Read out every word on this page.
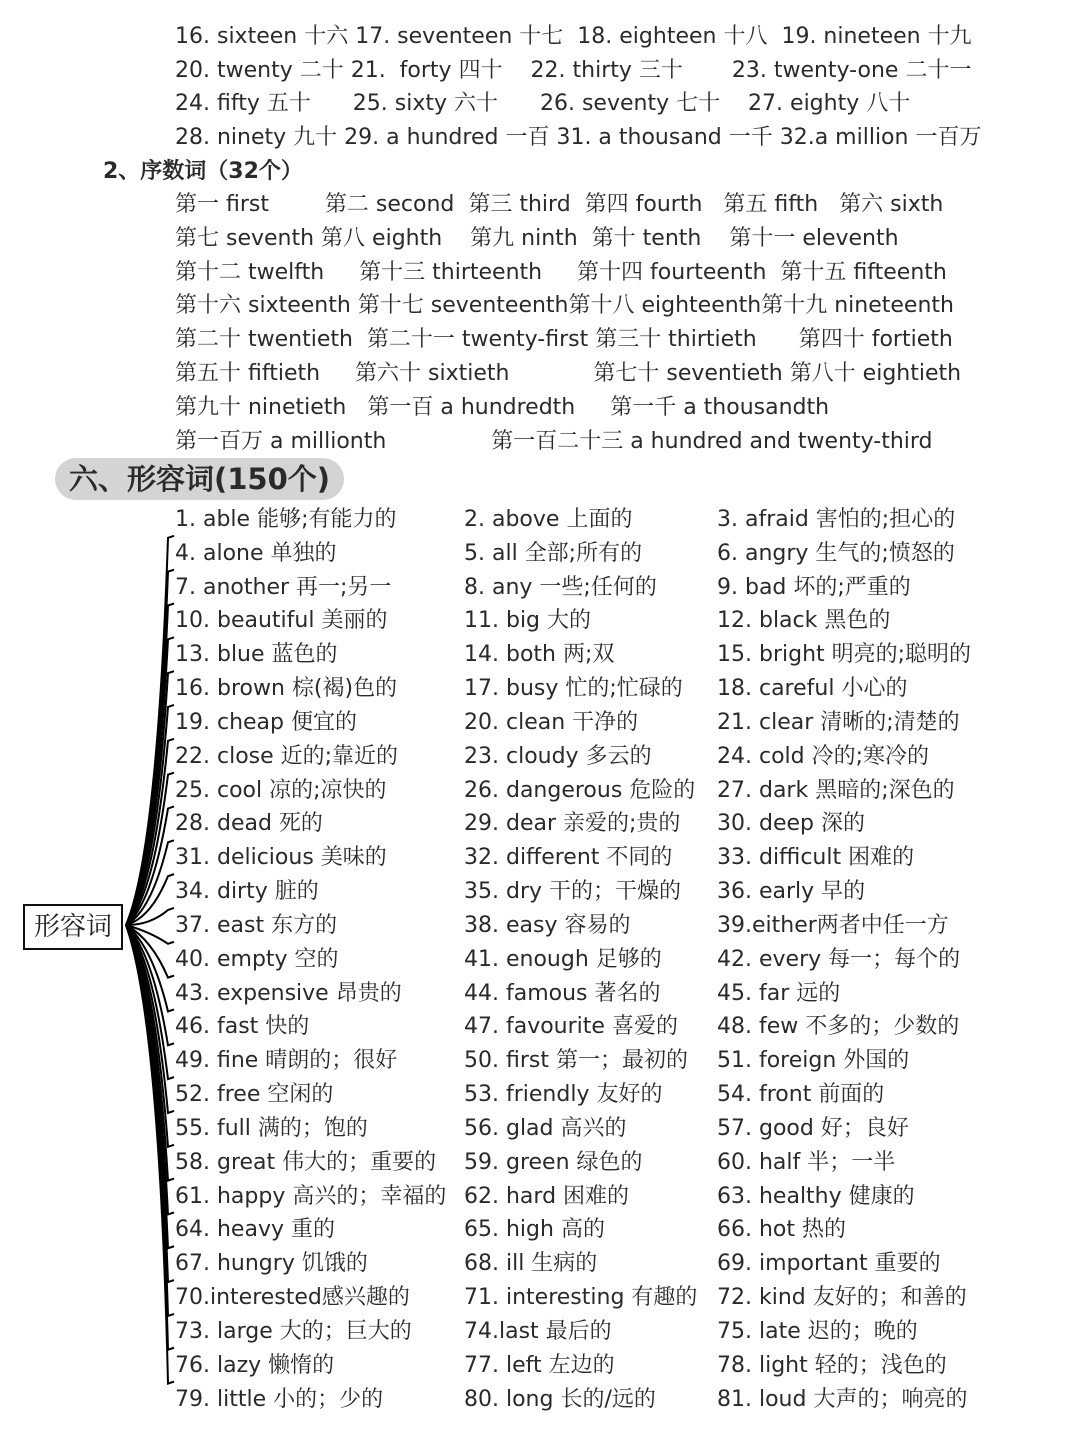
16. sixteen 十六 17. seventeen 十七  18. eighteen 十八  19. nineteen 十九
20. twenty 二十 21.  forty 四十    22. thirty 三十       23. twenty-one 二十一
24. fifty 五十      25. sixty 六十      26. seventy 七十    27. eighty 八十
28. ninety 九十 29. a hundred 一百 31. a thousand 一千 32.a million 一百万
2、序数词（32个）
第一 first        第二 second  第三 third  第四 fourth   第五 fifth   第六 sixth
第七 seventh 第八 eighth    第九 ninth  第十 tenth    第十一 eleventh
第十二 twelfth     第十三 thirteenth     第十四 fourteenth  第十五 fifteenth
第十六 sixteenth 第十七 seventeenth第十八 eighteenth第十九 nineteenth
第二十 twentieth  第二十一 twenty-first 第三十 thirtieth      第四十 fortieth
第五十 fiftieth     第六十 sixtieth            第七十 seventieth 第八十 eightieth
第九十 ninetieth   第一百 a hundredth     第一千 a thousandth
第一百万 a millionth               第一百二十三 a hundred and twenty-third
六、形容词(150个)
形容词
1. able 能够;有能力的	2. above 上面的	3. afraid 害怕的;担心的
4. alone 单独的	5. all 全部;所有的	6. angry 生气的;愤怒的
7. another 再一;另一	8. any 一些;任何的	9. bad 坏的;严重的
10. beautiful 美丽的	11. big 大的	12. black 黑色的
13. blue 蓝色的	14. both 两;双	15. bright 明亮的;聪明的
16. brown 棕(褐)色的	17. busy 忙的;忙碌的 18. careful 小心的
19. cheap 便宜的	20. clean 干净的	21. clear 清晰的;清楚的
22. close 近的;靠近的	23. cloudy 多云的	24. cold 冷的;寒冷的
25. cool 凉的;凉快的	26. dangerous 危险的 27. dark 黑暗的;深色的
28. dead 死的	29. dear 亲爱的;贵的 30. deep 深的
31. delicious 美味的	32. different 不同的 33. difficult 困难的
34. dirty 脏的	35. dry 干的；干燥的 36. early 早的
37. east 东方的	38. easy 容易的	39.either两者中任一方
40. empty 空的	41. enough 足够的	42. every 每一；每个的
43. expensive 昂贵的	44. famous 著名的	45. far 远的
46. fast 快的	47. favourite 喜爱的 48. few 不多的；少数的
49. fine 晴朗的；很好	50. first 第一；最初的 51. foreign 外国的
52. free 空闲的	53. friendly 友好的 54. front 前面的
55. full 满的；饱的	56. glad 高兴的	57. good 好；良好
58. great 伟大的；重要的 59. green 绿色的	60. half 半；一半
61. happy 高兴的；幸福的 62. hard 困难的	63. healthy 健康的
64. heavy 重的	65. high 高的	66. hot 热的
67. hungry 饥饿的	68. ill 生病的	69. important 重要的
70.interested感兴趣的 71. interesting 有趣的 72. kind 友好的；和善的
73. large 大的；巨大的 74.last 最后的	75. late 迟的；晚的
76. lazy 懒惰的	77. left 左边的	78. light 轻的；浅色的
79. little 小的；少的	80. long 长的/远的	81. loud 大声的；响亮的
